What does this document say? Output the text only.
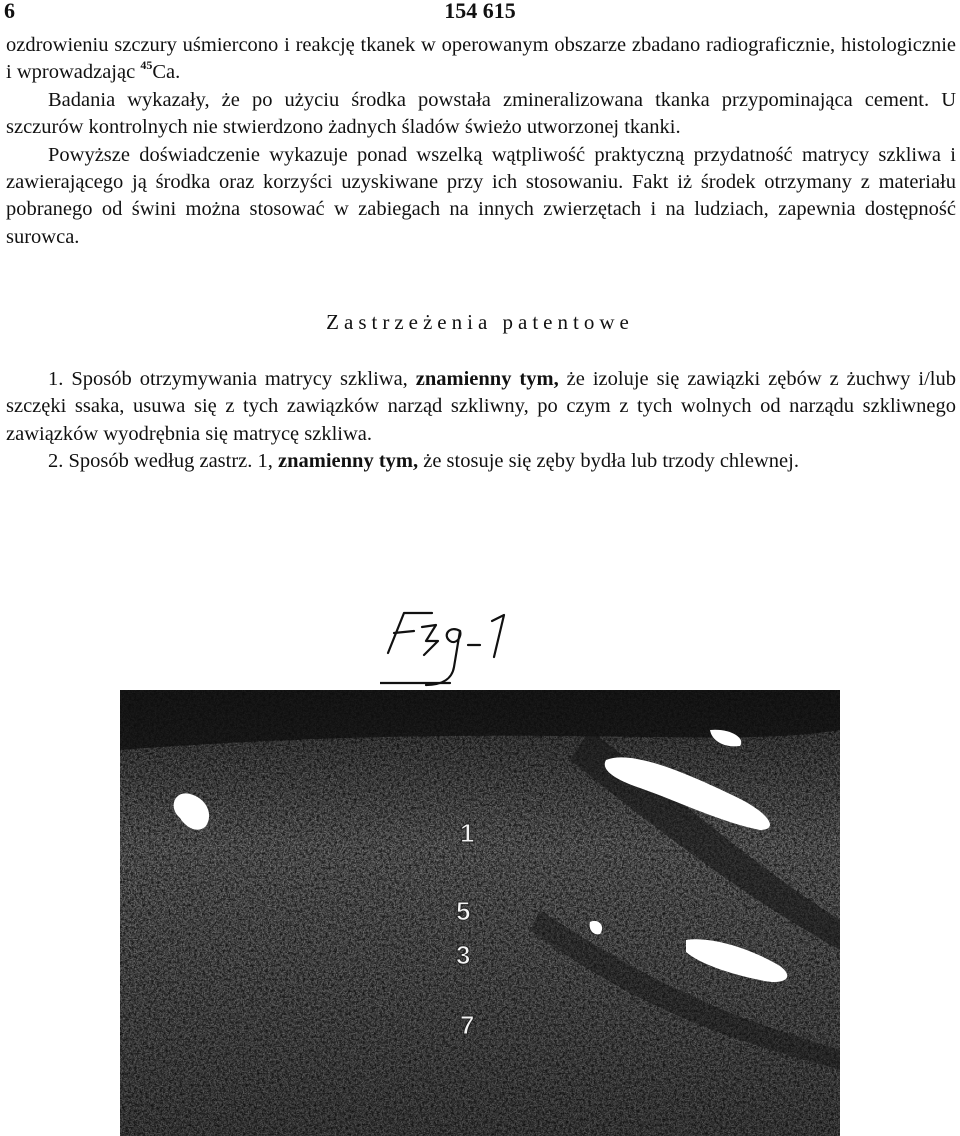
6	154 615

ozdrowieniu szczury uśmiercono i reakcję tkanek w operowanym obszarze zbadano radiograficznie, histologicznie i wprowadzając $^{45}$Ca.

Badania wykazały, że po użyciu środka powstała zmineralizowana tkanka przypominająca cement. U szczurów kontrolnych nie stwierdzono żadnych śladów świeżo utworzonej tkanki.

Powyższe doświadczenie wykazuje ponad wszelką wątpliwość praktyczną przydatność matrycy szkliwa i zawierającego ją środka oraz korzyści uzyskiwane przy ich stosowaniu. Fakt iż środek otrzymany z materiału pobranego od świni można stosować w zabiegach na innych zwierzętach i na ludziach, zapewnia dostępność surowca.

Zastrzeżenia patentowe

1. Sposób otrzymywania matrycy szkliwa, znamienny tym, że izoluje się zawiązki zębów z żuchwy i/lub szczęki ssaka, usuwa się z tych zawiązków narząd szkliwny, po czym z tych wolnych od narządu szkliwnego zawiązków wyodrębnia się matrycę szkliwa.

2. Sposób według zastrz. 1, znamienny tym, że stosuje się zęby bydła lub trzody chlewnej.

1
5
3
7
